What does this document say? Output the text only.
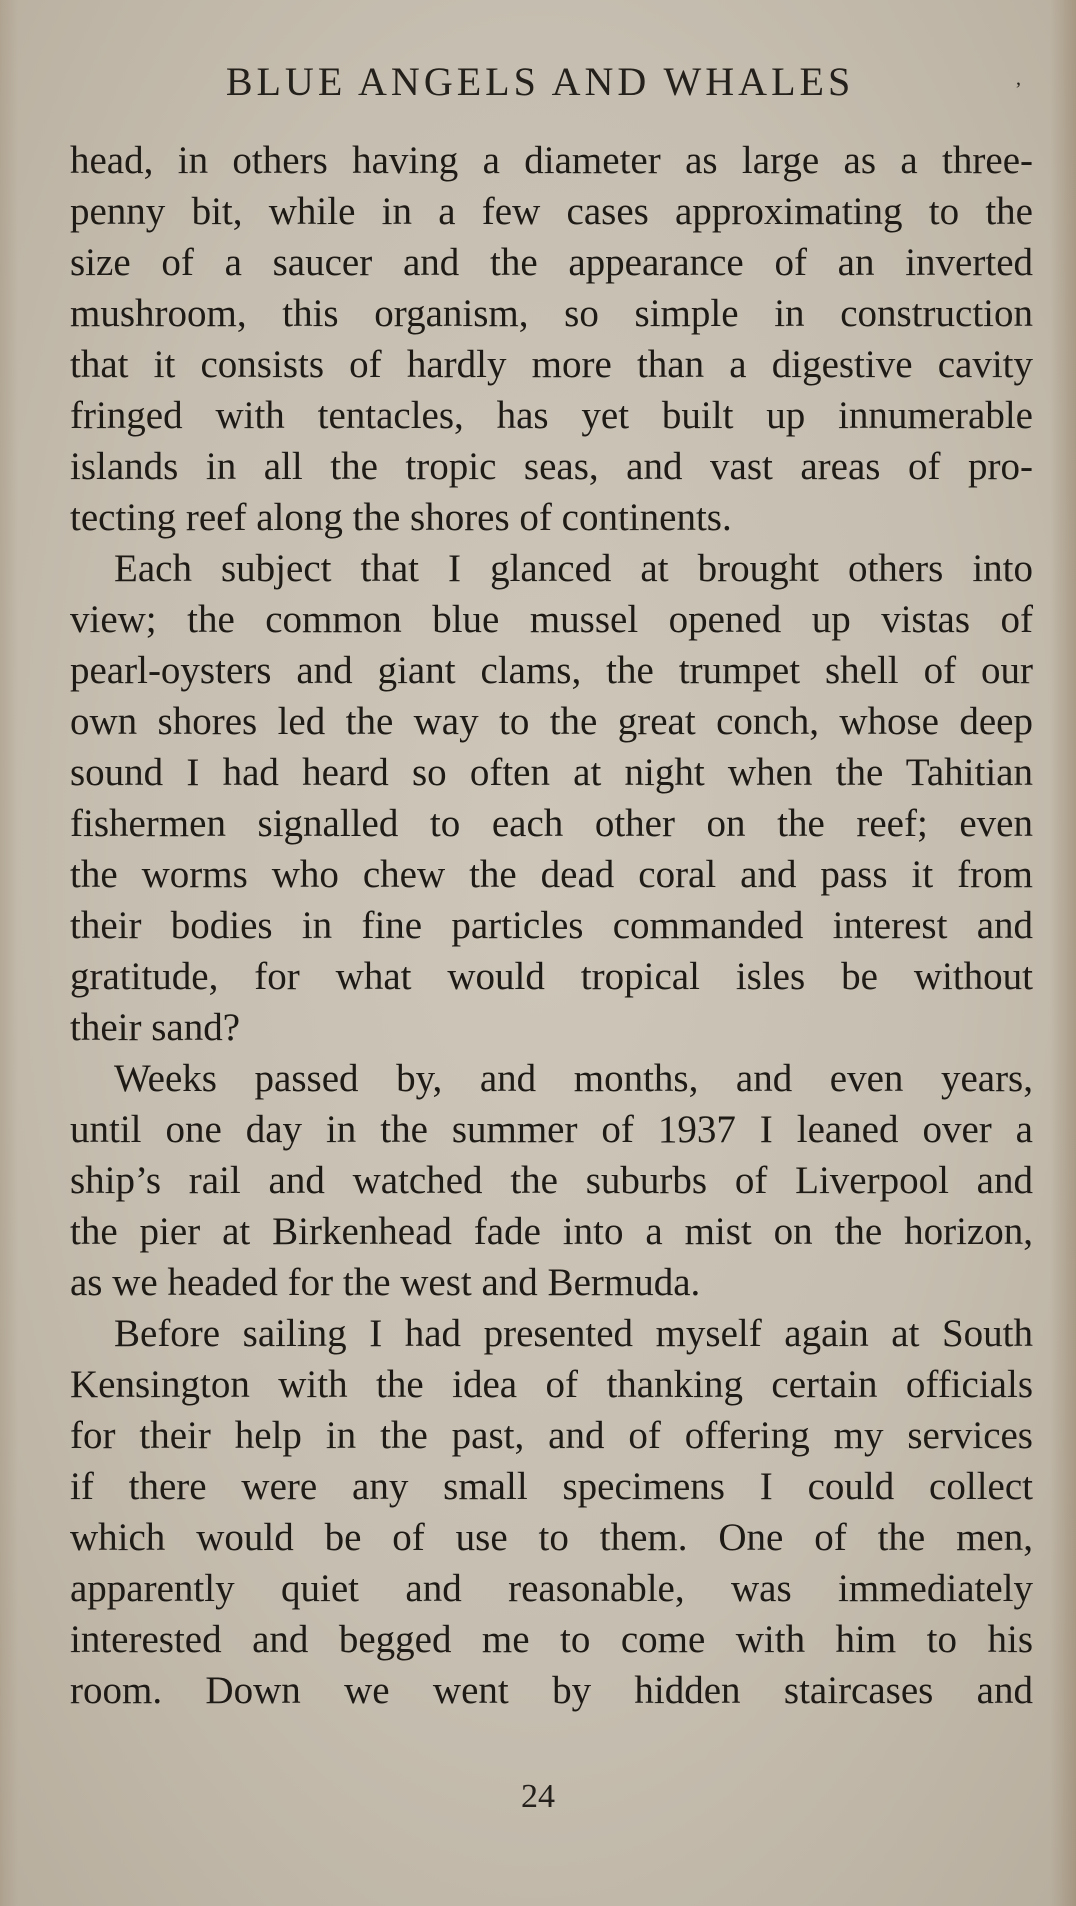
BLUE ANGELS AND WHALES	ʼ
head, in others having a diameter as large as a three-
penny bit, while in a few cases approximating to the
size of a saucer and the appearance of an inverted
mushroom, this organism, so simple in construction
that it consists of hardly more than a digestive cavity
fringed with tentacles, has yet built up innumerable
islands in all the tropic seas, and vast areas of pro-
tecting reef along the shores of continents.
Each subject that I glanced at brought others into
view; the common blue mussel opened up vistas of
pearl-oysters and giant clams, the trumpet shell of our
own shores led the way to the great conch, whose deep
sound I had heard so often at night when the Tahitian
fishermen signalled to each other on the reef; even
the worms who chew the dead coral and pass it from
their bodies in fine particles commanded interest and
gratitude, for what would tropical isles be without
their sand?
Weeks passed by, and months, and even years,
until one day in the summer of 1937 I leaned over a
ship’s rail and watched the suburbs of Liverpool and
the pier at Birkenhead fade into a mist on the horizon,
as we headed for the west and Bermuda.
Before sailing I had presented myself again at South
Kensington with the idea of thanking certain officials
for their help in the past, and of offering my services
if there were any small specimens I could collect
which would be of use to them. One of the men,
apparently quiet and reasonable, was immediately
interested and begged me to come with him to his
room. Down we went by hidden staircases and
24
